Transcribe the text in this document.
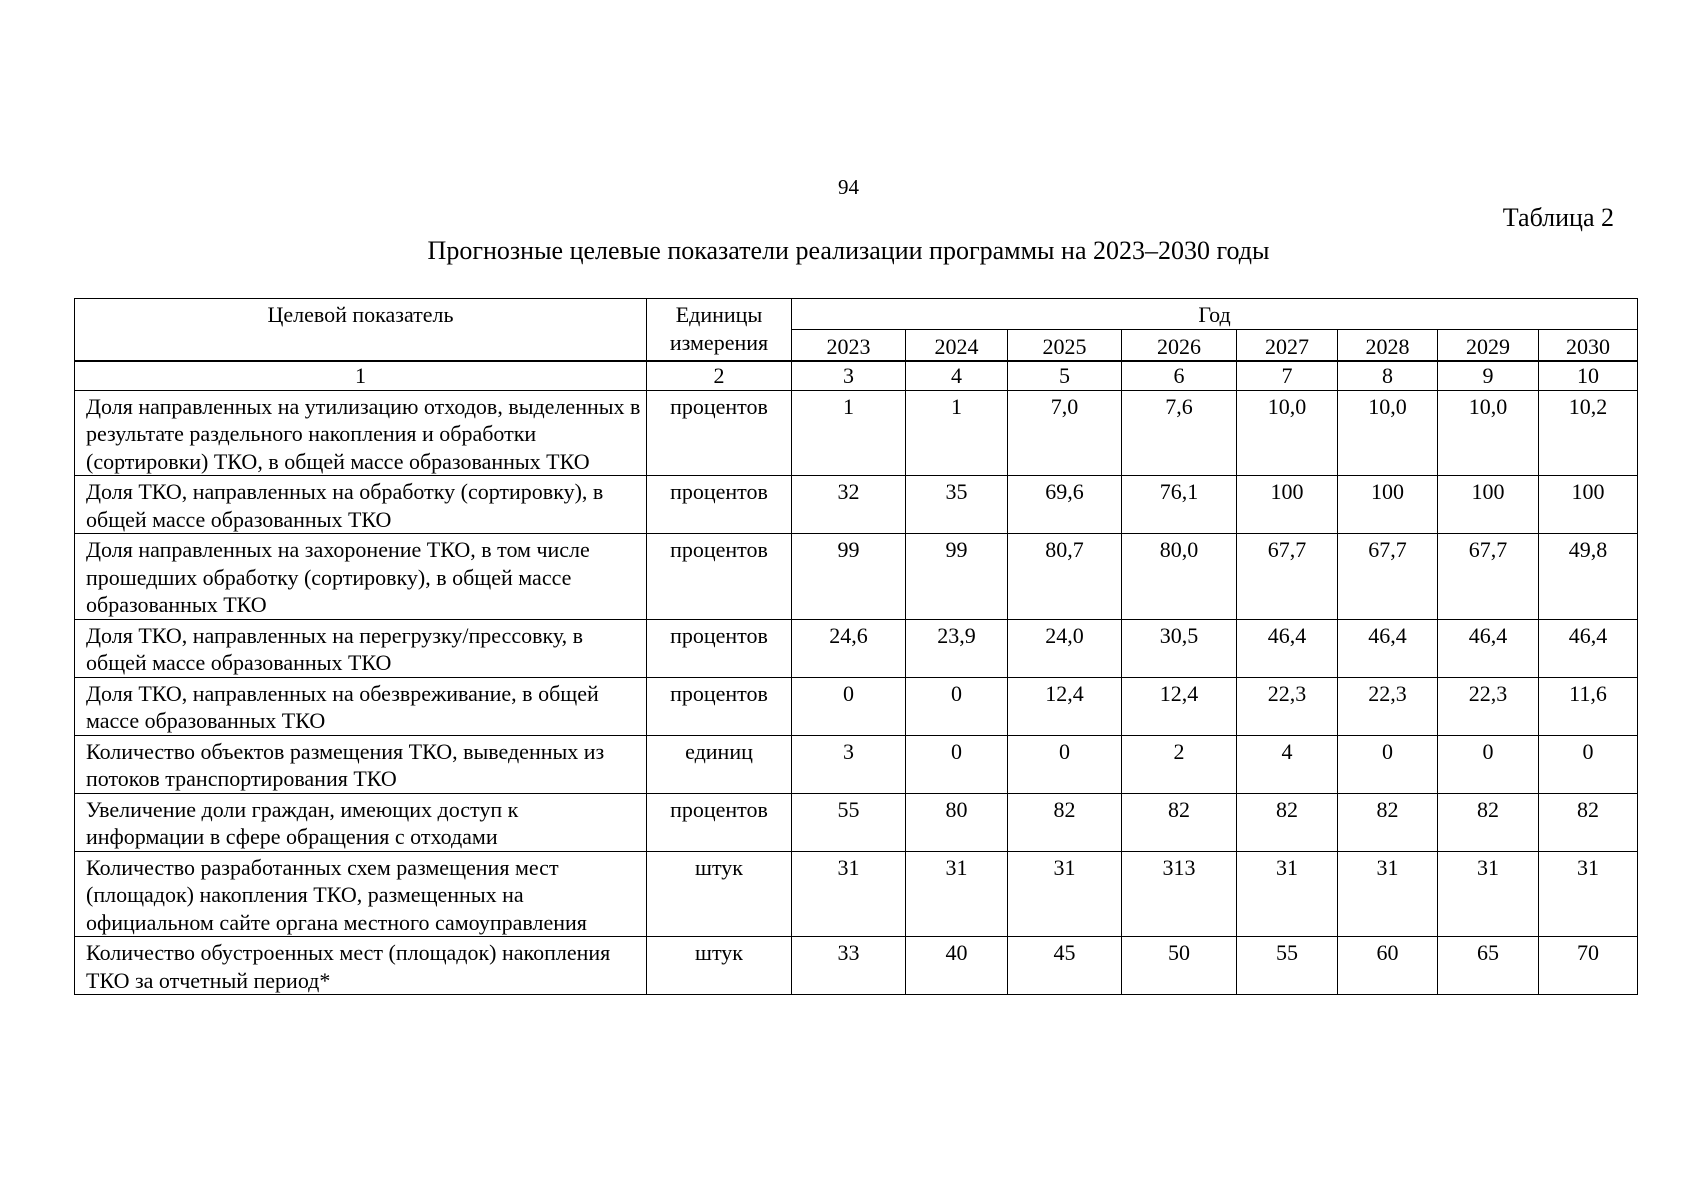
94
Таблица 2
Прогнозные целевые показатели реализации программы на 2023–2030 годы
Целевой показатель	Единицы измерения	Год							
		2023	2024	2025	2026	2027	2028	2029	2030
1	2	3	4	5	6	7	8	9	10
Доля направленных на утилизацию отходов, выделенных в результате раздельного накопления и обработки (сортировки) ТКО, в общей массе образованных ТКО	процентов	1	1	7,0	7,6	10,0	10,0	10,0	10,2
Доля ТКО, направленных на обработку (сортировку), в общей массе образованных ТКО	процентов	32	35	69,6	76,1	100	100	100	100
Доля направленных на захоронение ТКО, в том числе прошедших обработку (сортировку), в общей массе образованных ТКО	процентов	99	99	80,7	80,0	67,7	67,7	67,7	49,8
Доля ТКО, направленных на перегрузку/прессовку, в общей массе образованных ТКО	процентов	24,6	23,9	24,0	30,5	46,4	46,4	46,4	46,4
Доля ТКО, направленных на обезвреживание, в общей массе образованных ТКО	процентов	0	0	12,4	12,4	22,3	22,3	22,3	11,6
Количество объектов размещения ТКО, выведенных из потоков транспортирования ТКО	единиц	3	0	0	2	4	0	0	0
Увеличение доли граждан, имеющих доступ к информации в сфере обращения с отходами	процентов	55	80	82	82	82	82	82	82
Количество разработанных схем размещения мест (площадок) накопления ТКО, размещенных на официальном сайте органа местного самоуправления	штук	31	31	31	313	31	31	31	31
Количество обустроенных мест (площадок) накопления ТКО за отчетный период*	штук	33	40	45	50	55	60	65	70
